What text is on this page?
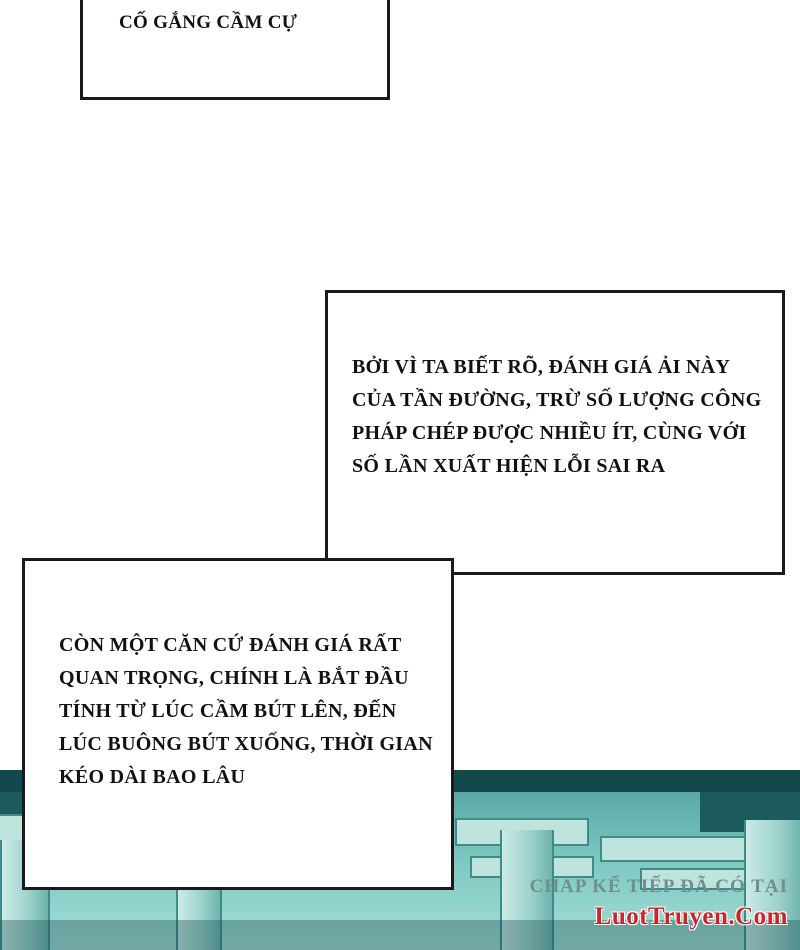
CỐ GẮNG CẦM CỰ
BỞI VÌ TA BIẾT RÕ, ĐÁNH GIÁ ẢI NÀY CỦA TẦN ĐƯỜNG, TRỪ SỐ LƯỢNG CÔNG PHÁP CHÉP ĐƯỢC NHIỀU ÍT, CÙNG VỚI SỐ LẦN XUẤT HIỆN LỖI SAI RA
CÒN MỘT CĂN CỨ ĐÁNH GIÁ RẤT QUAN TRỌNG, CHÍNH LÀ BẮT ĐẦU TÍNH TỪ LÚC CẦM BÚT LÊN, ĐẾN LÚC BUÔNG BÚT XUỐNG, THỜI GIAN KÉO DÀI BAO LÂU
CHAP KẾ TIẾP ĐÃ CÓ TẠI
LuotTruyen.Com
